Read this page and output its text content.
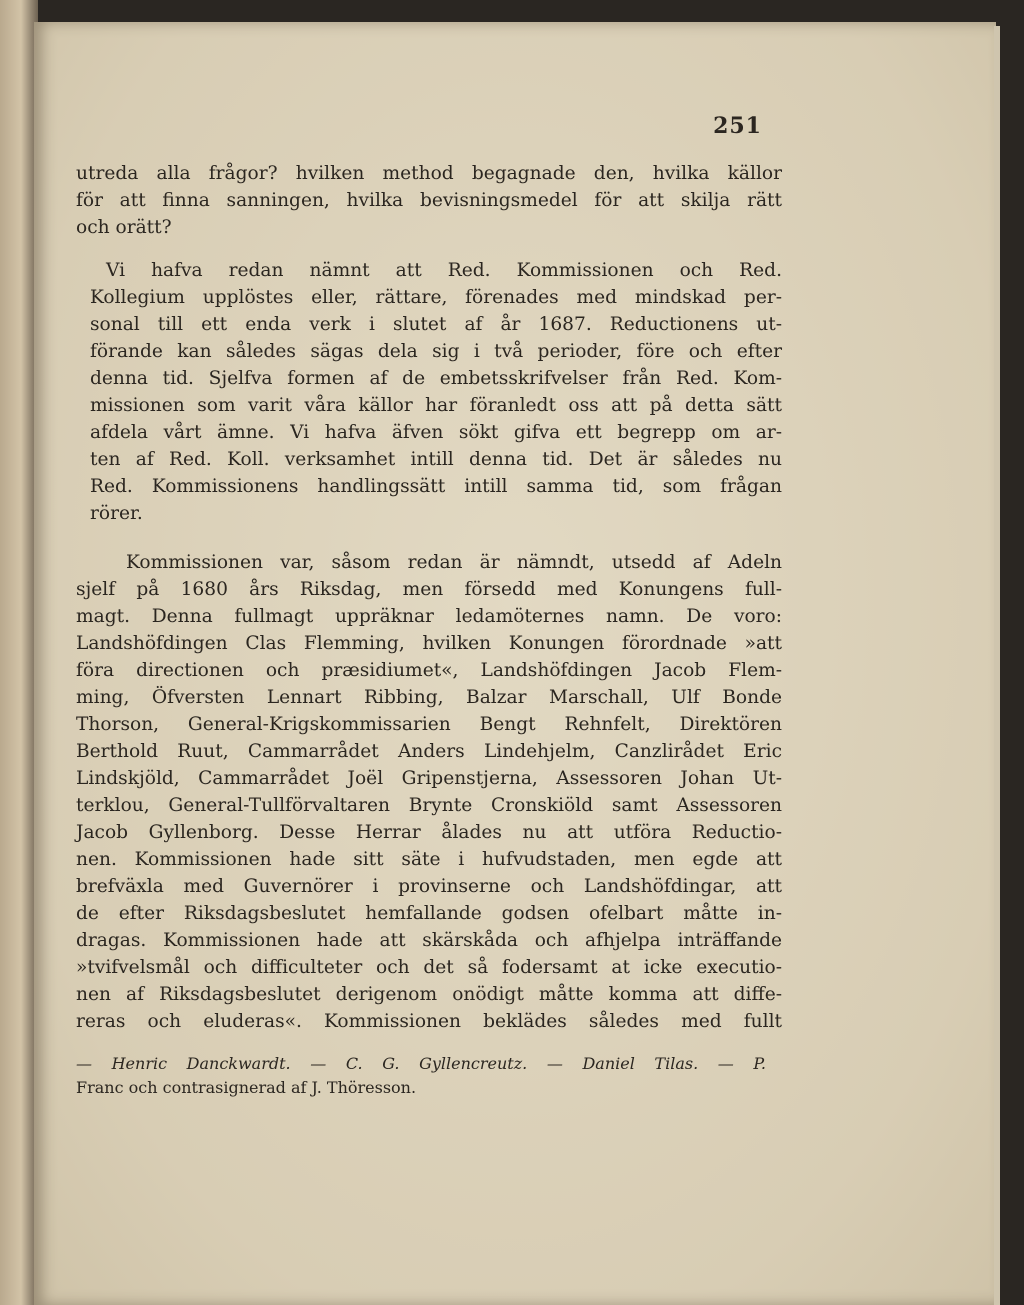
251
utreda alla frågor? hvilken method begagnade den, hvilka källor
för att finna sanningen, hvilka bevisningsmedel för att skilja rätt
och orätt?
Vi hafva redan nämnt att Red. Kommissionen och Red.
Kollegium upplöstes eller, rättare, förenades med mindskad per-
sonal till ett enda verk i slutet af år 1687. Reductionens ut-
förande kan således sägas dela sig i två perioder, före och efter
denna tid. Sjelfva formen af de embetsskrifvelser från Red. Kom-
missionen som varit våra källor har föranledt oss att på detta sätt
afdela vårt ämne. Vi hafva äfven sökt gifva ett begrepp om ar-
ten af Red. Koll. verksamhet intill denna tid. Det är således nu
Red. Kommissionens handlingssätt intill samma tid, som frågan
rörer.
Kommissionen var, såsom redan är nämndt, utsedd af Adeln
sjelf på 1680 års Riksdag, men försedd med Konungens full-
magt. Denna fullmagt uppräknar ledamöternes namn. De voro:
Landshöfdingen Clas Flemming, hvilken Konungen förordnade »att
föra directionen och præsidiumet«, Landshöfdingen Jacob Flem-
ming, Öfversten Lennart Ribbing, Balzar Marschall, Ulf Bonde
Thorson, General-Krigskommissarien Bengt Rehnfelt, Direktören
Berthold Ruut, Cammarrådet Anders Lindehjelm, Canzlirådet Eric
Lindskjöld, Cammarrådet Joël Gripenstjerna, Assessoren Johan Ut-
terklou, General-Tullförvaltaren Brynte Cronskiöld samt Assessoren
Jacob Gyllenborg. Desse Herrar ålades nu att utföra Reductio-
nen. Kommissionen hade sitt säte i hufvudstaden, men egde att
brefväxla med Guvernörer i provinserne och Landshöfdingar, att
de efter Riksdagsbeslutet hemfallande godsen ofelbart måtte in-
dragas. Kommissionen hade att skärskåda och afhjelpa inträffande
»tvifvelsmål och difficulteter och det så fodersamt at icke executio-
nen af Riksdagsbeslutet derigenom onödigt måtte komma att diffe-
reras och eluderas«. Kommissionen beklädes således med fullt
— Henric Danckwardt. — C. G. Gyllencreutz. — Daniel Tilas. — P.
Franc och contrasignerad af J. Thöresson.
